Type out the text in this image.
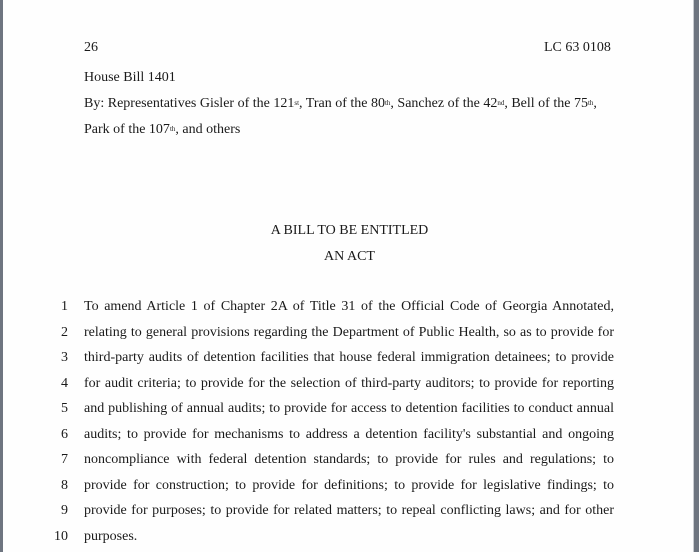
26	LC 63 0108
House Bill 1401
By: Representatives Gisler of the 121st, Tran of the 80th, Sanchez of the 42nd, Bell of the 75th,
Park of the 107th, and others
A BILL TO BE ENTITLED
AN ACT
1 To amend Article 1 of Chapter 2A of Title 31 of the Official Code of Georgia Annotated,
2 relating to general provisions regarding the Department of Public Health, so as to provide for
3 third-party audits of detention facilities that house federal immigration detainees; to provide
4 for audit criteria; to provide for the selection of third-party auditors; to provide for reporting
5 and publishing of annual audits; to provide for access to detention facilities to conduct annual
6 audits; to provide for mechanisms to address a detention facility's substantial and ongoing
7 noncompliance with federal detention standards; to provide for rules and regulations; to
8 provide for construction; to provide for definitions; to provide for legislative findings; to
9 provide for purposes; to provide for related matters; to repeal conflicting laws; and for other
10 purposes.
